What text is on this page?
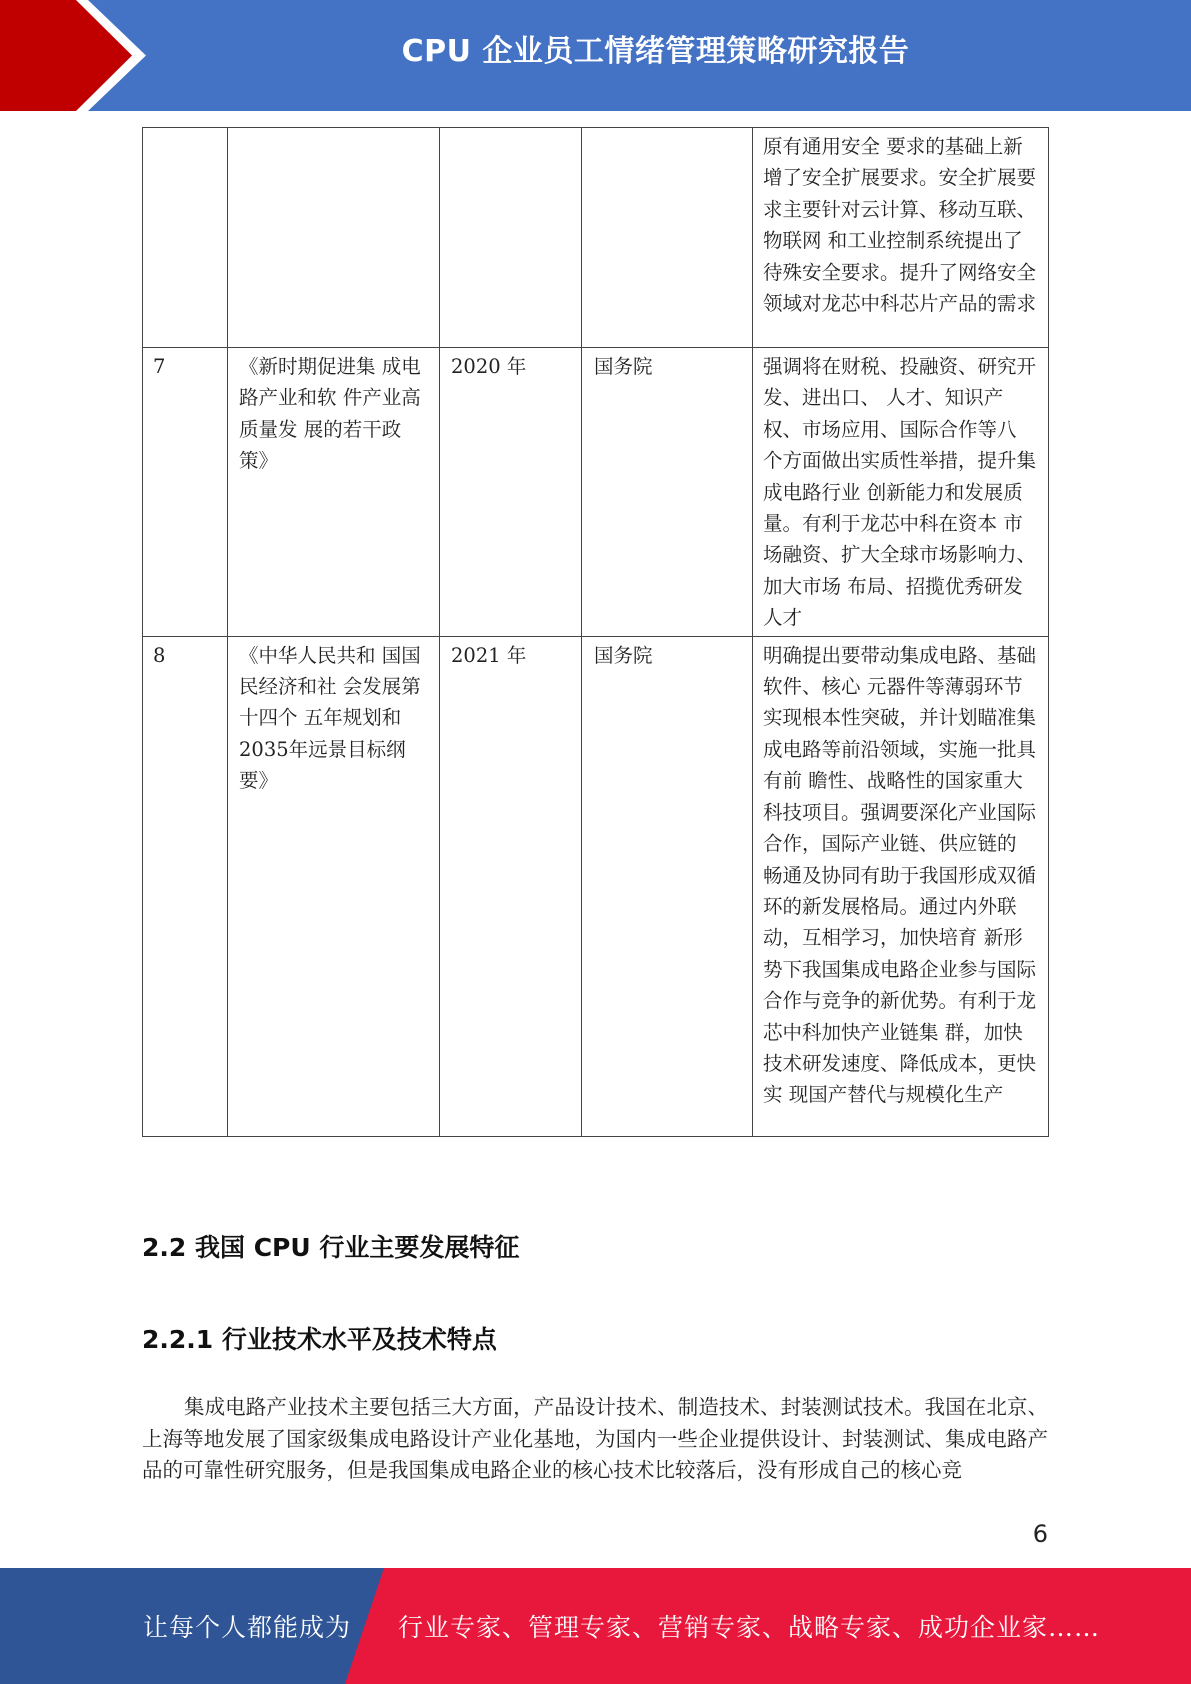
CPU 企业员工情绪管理策略研究报告

				原有通用安全 要求的基础上新增了安全扩展要求。安全扩展要求主要针对云计算、移动互联、物联网 和工业控制系统提出了待殊安全要求。提升了网络安全领域对龙芯中科芯片产品的需求

7	《新时期促进集 成电路产业和软 件产业高质量发 展的若干政策》	2020 年	国务院	强调将在财税、投融资、研究开发、进出口、 人才、知识产权、市场应用、国际合作等八 个方面做出实质性举措，提升集成电路行业 创新能力和发展质量。有利于龙芯中科在资本 市场融资、扩大全球市场影响力、加大市场 布局、招揽优秀研发人才

8	《中华人民共和 国国民经济和社 会发展第十四个 五年规划和2035年远景目标纲要》	2021 年	国务院	明确提出要带动集成电路、基础软件、核心 元器件等薄弱环节实现根本性突破，并计划瞄准集成电路等前沿领域，实施一批具有前 瞻性、战略性的国家重大科技项目。强调要深化产业国际合作，国际产业链、供应链的 畅通及协同有助于我国形成双循环的新发展格局。通过内外联动，互相学习，加快培育 新形势下我国集成电路企业参与国际合作与竞争的新优势。有利于龙芯中科加快产业链集 群，加快技术研发速度、降低成本，更快实 现国产替代与规模化生产
2.2 我国 CPU 行业主要发展特征
2.2.1 行业技术水平及技术特点
集成电路产业技术主要包括三大方面，产品设计技术、制造技术、封装测试技术。我国在北京、上海等地发展了国家级集成电路设计产业化基地，为国内一些企业提供设计、封装测试、集成电路产品的可靠性研究服务，但是我国集成电路企业的核心技术比较落后，没有形成自己的核心竞
6
让每个人都能成为 行业专家、管理专家、营销专家、战略专家、成功企业家……
